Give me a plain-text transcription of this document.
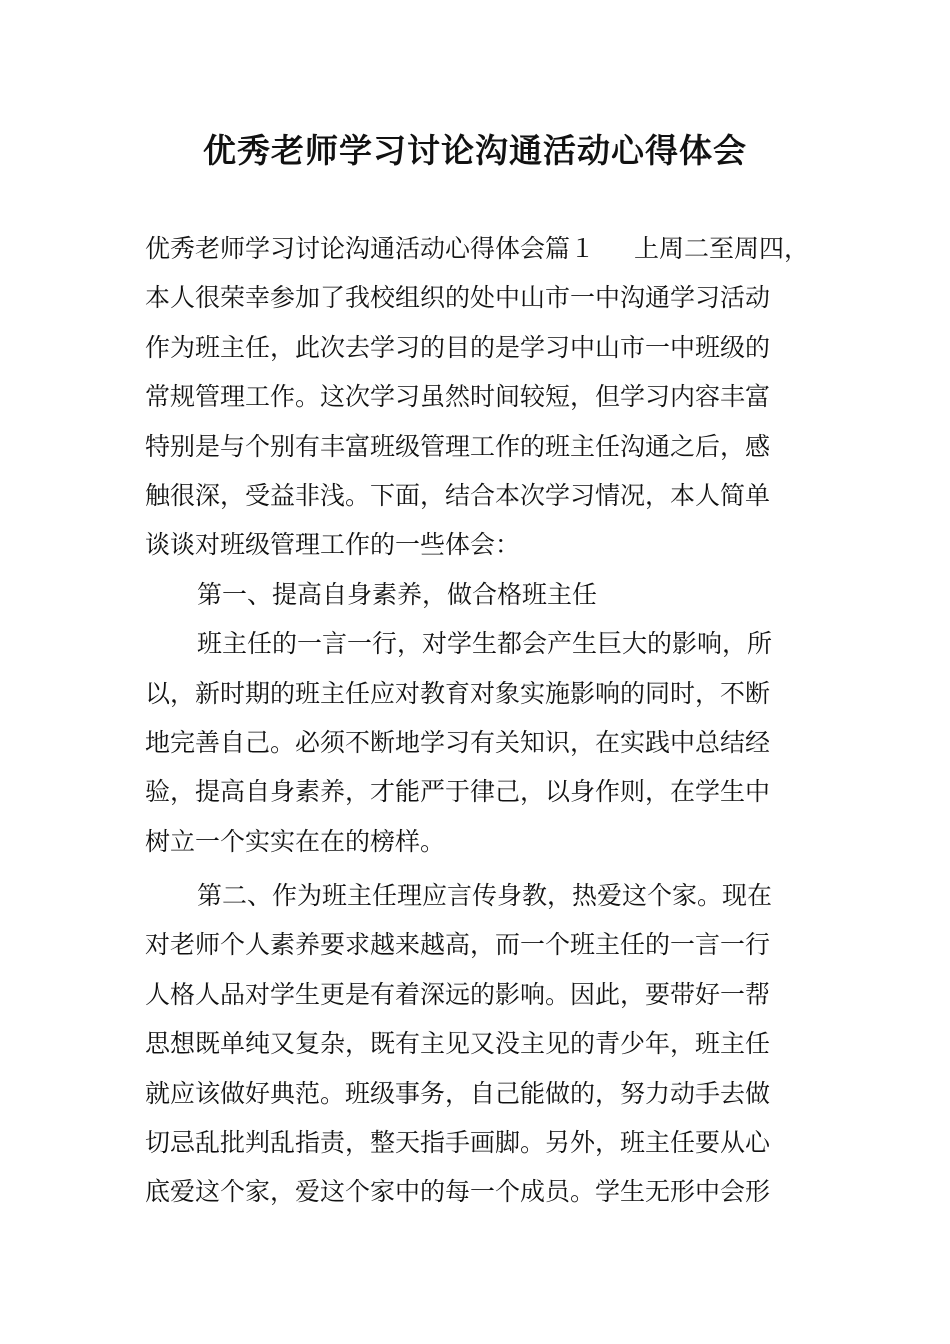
优秀老师学习讨论沟通活动心得体会
优秀老师学习讨论沟通活动心得体会篇１ 上周二至周四，
本人很荣幸参加了我校组织的处中山市一中沟通学习活动
作为班主任，此次去学习的目的是学习中山市一中班级的
常规管理工作。这次学习虽然时间较短，但学习内容丰富
特别是与个别有丰富班级管理工作的班主任沟通之后，感
触很深，受益非浅。下面，结合本次学习情况，本人简单
谈谈对班级管理工作的一些体会：
第一、提高自身素养，做合格班主任
班主任的一言一行，对学生都会产生巨大的影响，所
以，新时期的班主任应对教育对象实施影响的同时，不断
地完善自己。必须不断地学习有关知识，在实践中总结经
验，提高自身素养，才能严于律己，以身作则，在学生中
树立一个实实在在的榜样。
第二、作为班主任理应言传身教，热爱这个家。现在
对老师个人素养要求越来越高，而一个班主任的一言一行
人格人品对学生更是有着深远的影响。因此，要带好一帮
思想既单纯又复杂，既有主见又没主见的青少年，班主任
就应该做好典范。班级事务，自己能做的，努力动手去做
切忌乱批判乱指责，整天指手画脚。另外，班主任要从心
底爱这个家，爱这个家中的每一个成员。学生无形中会形
